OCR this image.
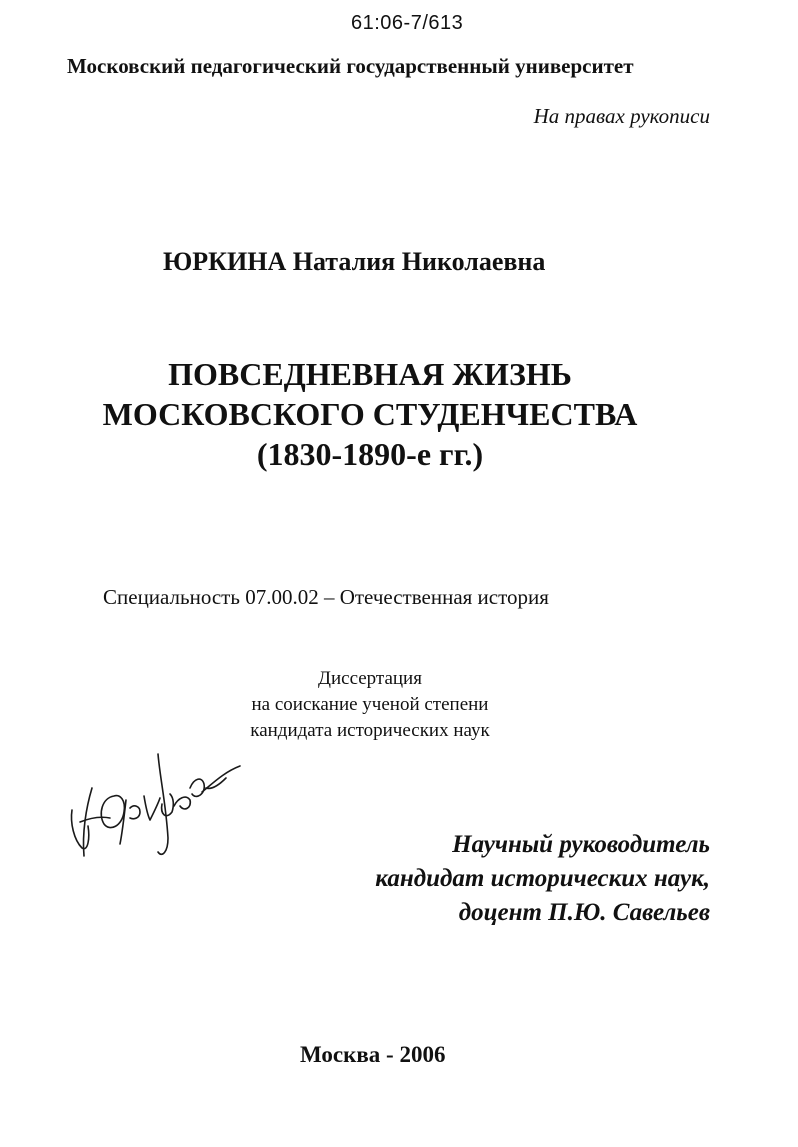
61:06-7/613
Московский педагогический государственный университет
На правах рукописи
ЮРКИНА Наталия Николаевна
ПОВСЕДНЕВНАЯ ЖИЗНЬ
МОСКОВСКОГО СТУДЕНЧЕСТВА
(1830-1890-е гг.)
Специальность 07.00.02 – Отечественная история
Диссертация
на соискание ученой степени
кандидата исторических наук
Научный руководитель
кандидат исторических наук,
доцент П.Ю. Савельев
Москва - 2006
